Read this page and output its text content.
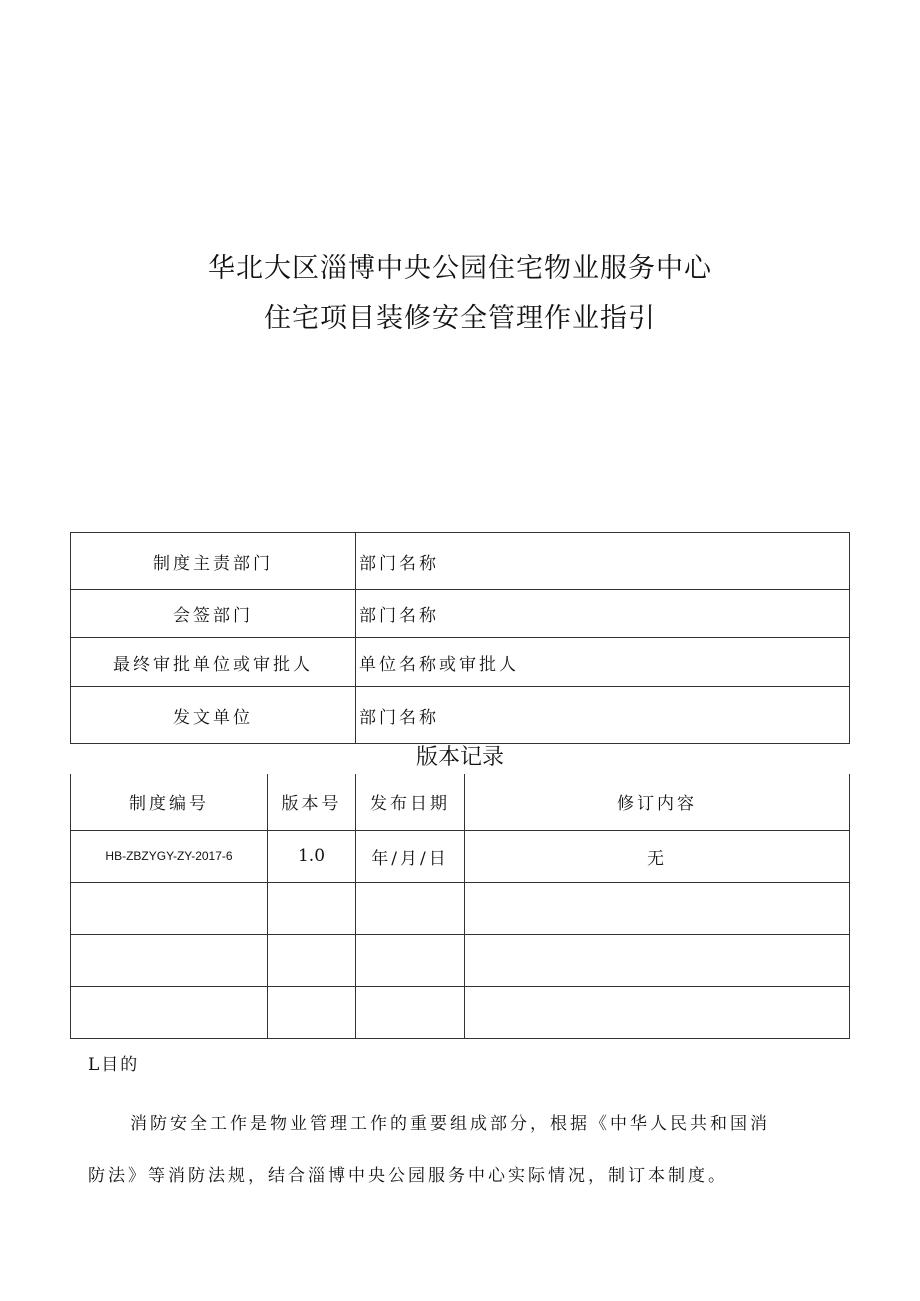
华北大区淄博中央公园住宅物业服务中心
住宅项目装修安全管理作业指引
制度主责部门	部门名称
会签部门	部门名称
最终审批单位或审批人	单位名称或审批人
发文单位	部门名称
版本记录
制度编号	版本号	发布日期	修订内容
HB-ZBZYGY-ZY-2017-6	1.0	年/月/日	无

L目的
消防安全工作是物业管理工作的重要组成部分，根据《中华人民共和国消防法》等消防法规，结合淄博中央公园服务中心实际情况，制订本制度。
